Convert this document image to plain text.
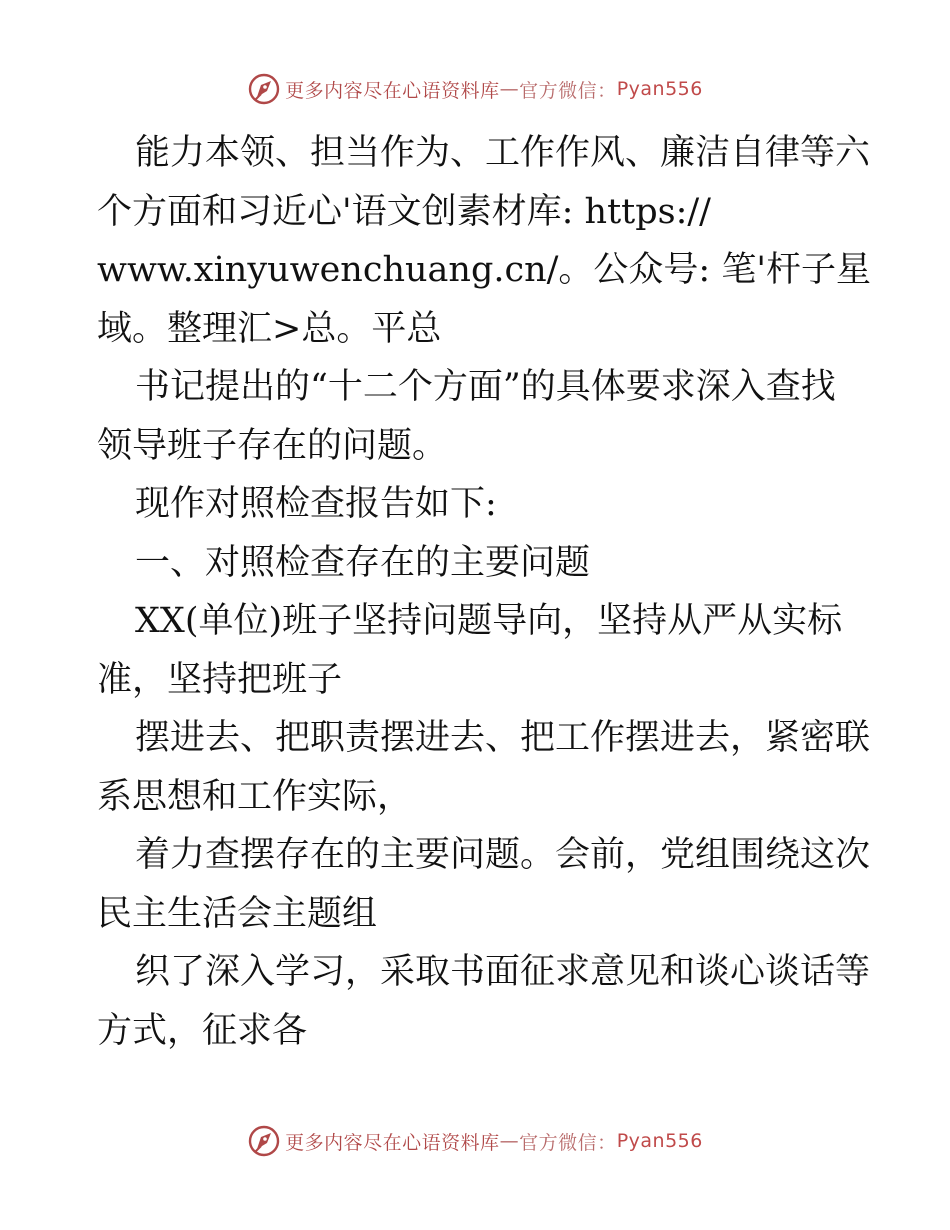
更多内容尽在心语资料库 — 官方微信： Pyan556

能力本领、担当作为、工作作风、廉洁自律等六

个方面和习近心'语文创素材库: https://

www.xinyuwenchuang.cn/。公众号: 笔'杆子星

域。整理汇>总。平总

书记提出的“十二个方面”的具体要求深入查找

领导班子存在的问题。

现作对照检查报告如下:

一、对照检查存在的主要问题

XX(单位)班子坚持问题导向，坚持从严从实标

准，坚持把班子

摆进去、把职责摆进去、把工作摆进去，紧密联

系思想和工作实际，

着力查摆存在的主要问题。会前，党组围绕这次

民主生活会主题组

织了深入学习，采取书面征求意见和谈心谈话等

方式，征求各

更多内容尽在心语资料库 — 官方微信： Pyan556
